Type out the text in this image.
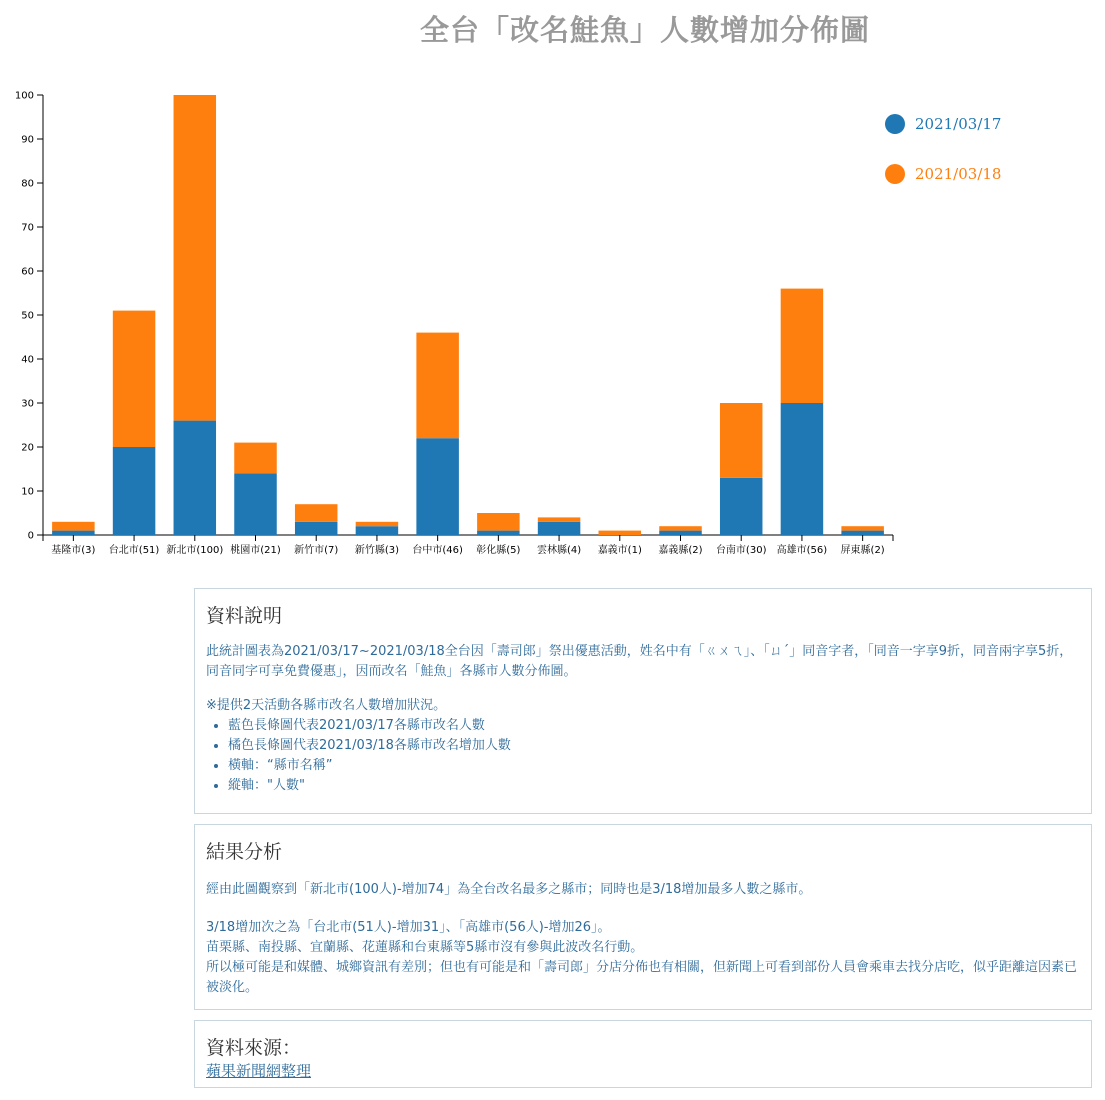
全台「改名鮭魚」人數增加分佈圖
0
10
20
30
40
50
60
70
80
90
100
基隆市(3) 台北市(51) 新北市(100) 桃園市(21) 新竹市(7) 新竹縣(3) 台中市(46) 彰化縣(5) 雲林縣(4) 嘉義市(1) 嘉義縣(2) 台南市(30) 高雄市(56) 屏東縣(2)
2021/03/17
2021/03/18
資料說明

此統計圖表為2021/03/17~2021/03/18全台因「壽司郎」祭出優惠活動，姓名中有「ㄍㄨㄟ」、「ㄩˊ」同音字者，「同音一字享9折，同音兩字享5折，同音同字可享免費優惠」，因而改名「鮭魚」各縣市人數分佈圖。

※提供2天活動各縣市改名人數增加狀況。

• 藍色長條圖代表2021/03/17各縣市改名人數
• 橘色長條圖代表2021/03/18各縣市改名增加人數
• 橫軸：“縣市名稱”
• 縱軸："人數"
結果分析

經由此圖觀察到「新北市(100人)-增加74」為全台改名最多之縣市；同時也是3/18增加最多人數之縣市。

3/18增加次之為「台北市(51人)-增加31」、「高雄市(56人)-增加26」。

苗栗縣、南投縣、宜蘭縣、花蓮縣和台東縣等5縣市沒有參與此波改名行動。

所以極可能是和媒體、城鄉資訊有差別；但也有可能是和「壽司郎」分店分佈也有相關，但新聞上可看到部份人員會乘車去找分店吃，似乎距離這因素已被淡化。

資料來源：
蘋果新聞網整理
